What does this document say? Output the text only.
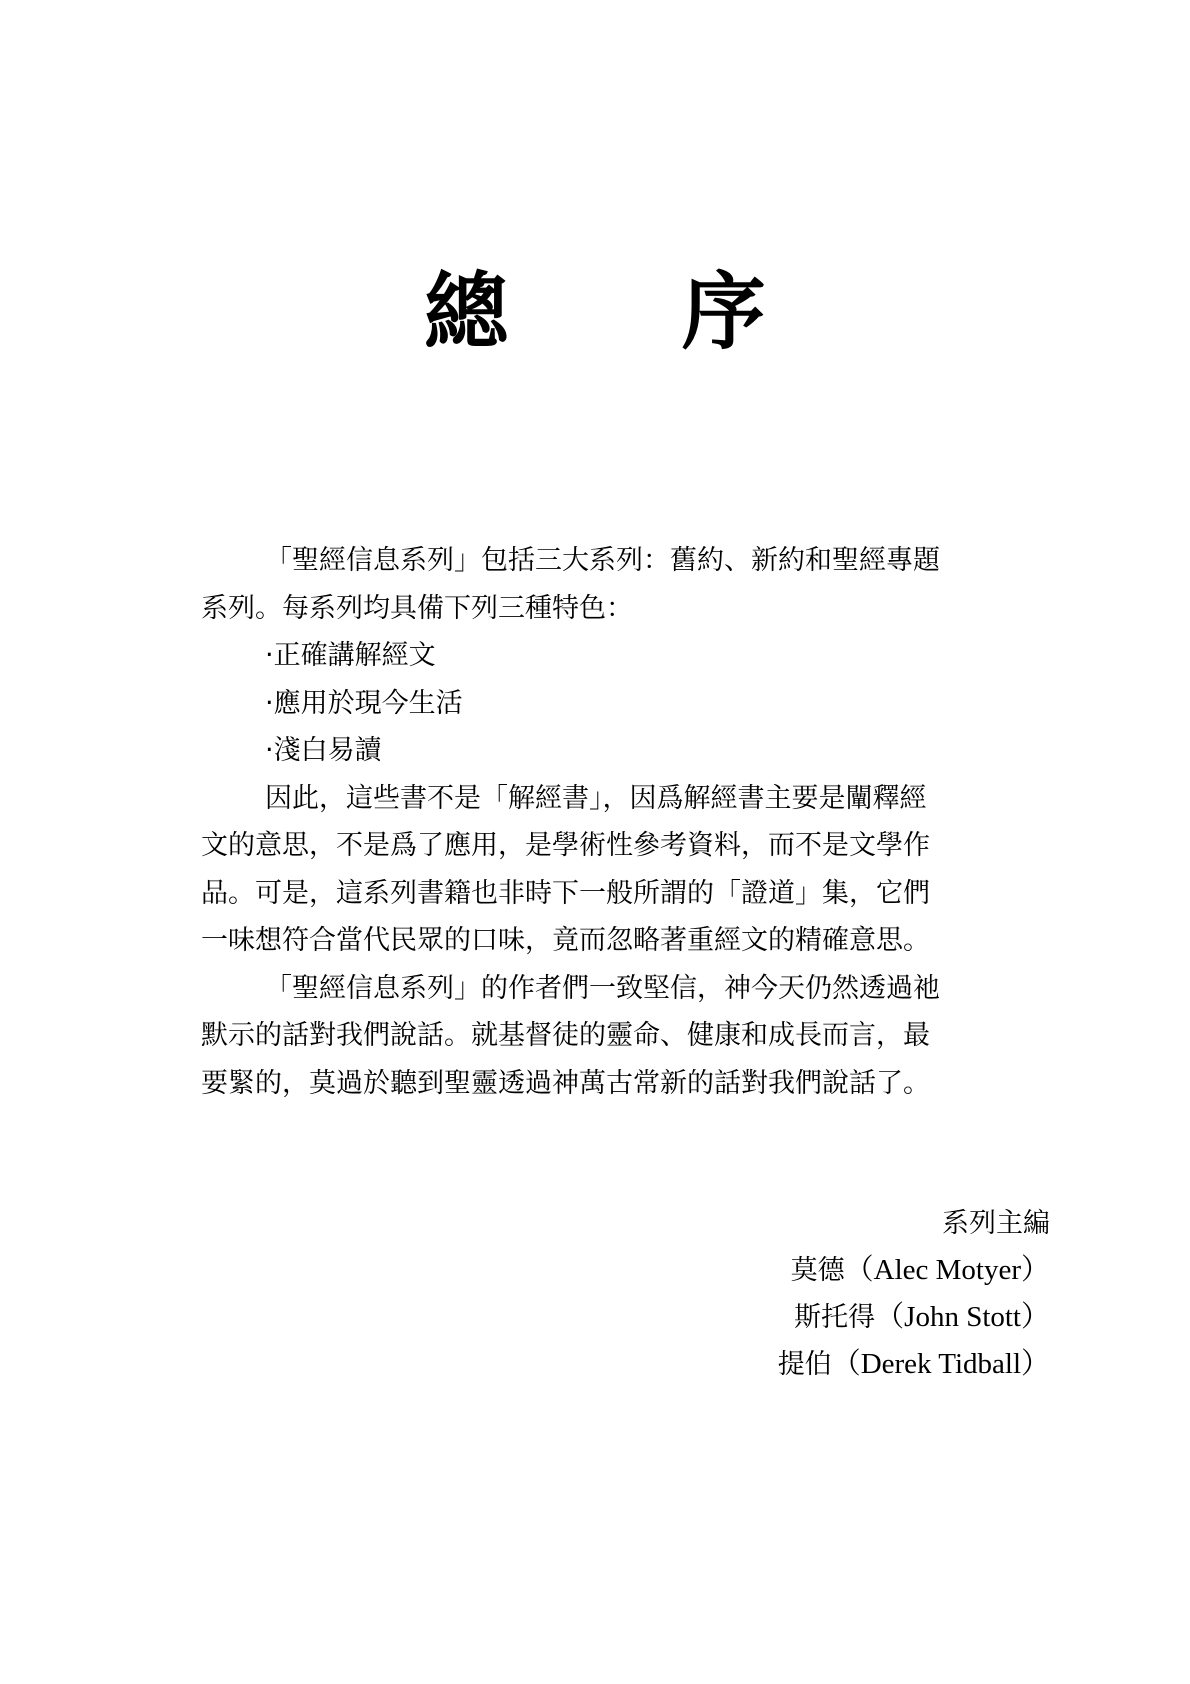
總 序
「聖經信息系列」包括三大系列：舊約、新約和聖經專題
系列。每系列均具備下列三種特色：
‧正確講解經文
‧應用於現今生活
‧淺白易讀
因此，這些書不是「解經書」，因爲解經書主要是闡釋經
文的意思，不是爲了應用，是學術性參考資料，而不是文學作
品。可是，這系列書籍也非時下一般所謂的「證道」集，它們
一味想符合當代民眾的口味，竟而忽略著重經文的精確意思。
「聖經信息系列」的作者們一致堅信，神今天仍然透過祂
默示的話對我們說話。就基督徒的靈命、健康和成長而言，最
要緊的，莫過於聽到聖靈透過神萬古常新的話對我們說話了。
系列主編
莫德（Alec Motyer）
斯托得（John Stott）
提伯（Derek Tidball）
